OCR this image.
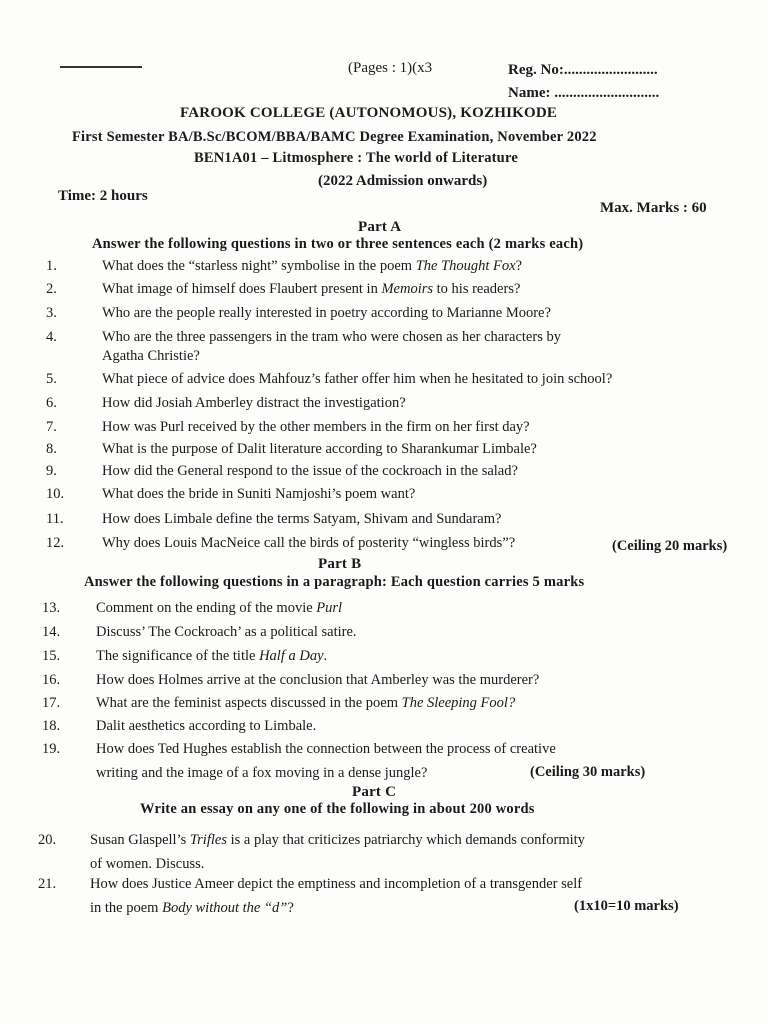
(Pages : 1)(x3	Reg. No:.........................
Name: ............................
FAROOK COLLEGE (AUTONOMOUS), KOZHIKODE
First Semester BA/B.Sc/BCOM/BBA/BAMC Degree Examination, November 2022
BEN1A01 – Litmosphere : The world of Literature
(2022 Admission onwards)
Time: 2 hours
Max. Marks : 60
Part A
Answer the following questions in two or three sentences each (2 marks each)
1.	What does the “starless night” symbolise in the poem The Thought Fox?
2.	What image of himself does Flaubert present in Memoirs to his readers?
3.	Who are the people really interested in poetry according to Marianne Moore?
4.	Who are the three passengers in the tram who were chosen as her characters by
Agatha Christie?
5.	What piece of advice does Mahfouz’s father offer him when he hesitated to join school?
6.	How did Josiah Amberley distract the investigation?
7.	How was Purl received by the other members in the firm on her first day?
8.	What is the purpose of Dalit literature according to Sharankumar Limbale?
9.	How did the General respond to the issue of the cockroach in the salad?
10.	What does the bride in Suniti Namjoshi’s poem want?
11.	How does Limbale define the terms Satyam, Shivam and Sundaram?
12.	Why does Louis MacNeice call the birds of posterity “wingless birds”?	(Ceiling 20 marks)
Part B
Answer the following questions in a paragraph: Each question carries 5 marks
13. Comment on the ending of the movie Purl
14. Discuss’ The Cockroach’ as a political satire.
15. The significance of the title Half a Day.
16. How does Holmes arrive at the conclusion that Amberley was the murderer?
17. What are the feminist aspects discussed in the poem The Sleeping Fool?
18. Dalit aesthetics according to Limbale.
19. How does Ted Hughes establish the connection between the process of creative
writing and the image of a fox moving in a dense jungle?	(Ceiling 30 marks)
Part C
Write an essay on any one of the following in about 200 words
20. Susan Glaspell’s Trifles is a play that criticizes patriarchy which demands conformity
of women. Discuss.
21. How does Justice Ameer depict the emptiness and incompletion of a transgender self
in the poem Body without the “d”?	(1x10=10 marks)
